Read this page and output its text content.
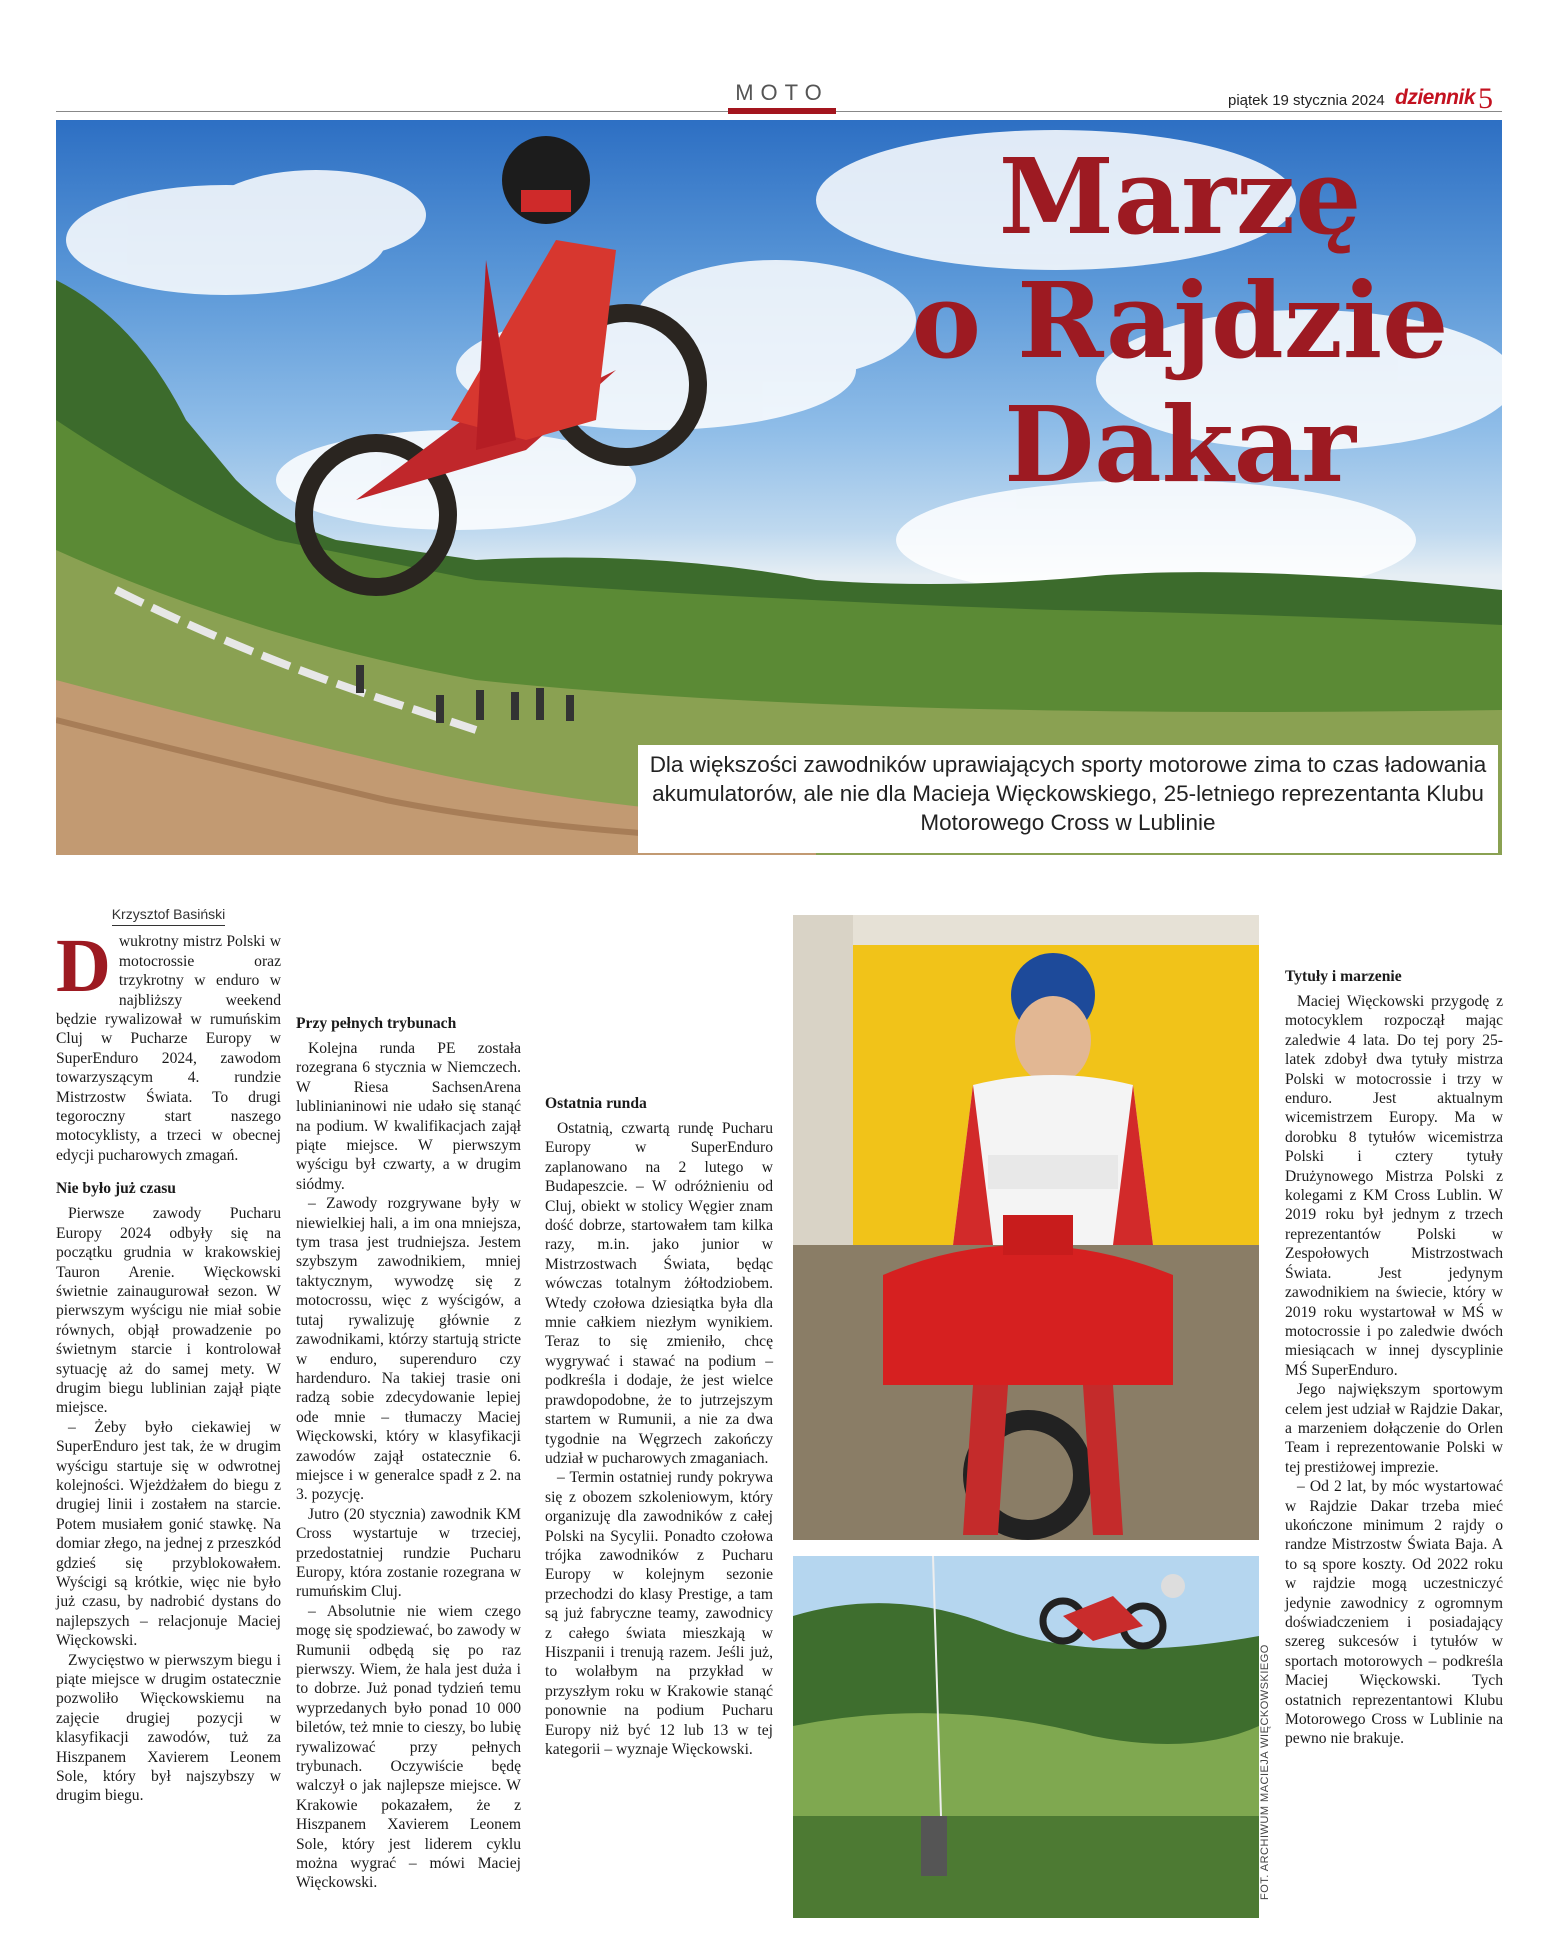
MOTO	piątek 19 stycznia 2024 dziennik 5
Marzę
o Rajdzie
Dakar
Dla większości zawodników uprawiających sporty motorowe zima to czas ładowania akumulatorów, ale nie dla Macieja Więckowskiego, 25-letniego reprezentanta Klubu Motorowego Cross w Lublinie
Krzysztof Basiński
D wukrotny mistrz Polski w motocrossie oraz trzykrotny w enduro w najbliższy weekend będzie rywalizował w rumuńskim Cluj w Pucharze Europy w SuperEnduro 2024, zawodom towarzyszącym 4. rundzie Mistrzostw Świata. To drugi tegoroczny start naszego motocyklisty, a trzeci w obecnej edycji pucharowych zmagań.

Nie było już czasu

Pierwsze zawody Pucharu Europy 2024 odbyły się na początku grudnia w krakowskiej Tauron Arenie. Więckowski świetnie zainaugurował sezon. W pierwszym wyścigu nie miał sobie równych, objął prowadzenie po świetnym starcie i kontrolował sytuację aż do samej mety. W drugim biegu lublinian zajął piąte miejsce.

– Żeby było ciekawiej w SuperEnduro jest tak, że w drugim wyścigu startuje się w odwrotnej kolejności. Wjeżdżałem do biegu z drugiej linii i zostałem na starcie. Potem musiałem gonić stawkę. Na domiar złego, na jednej z przeszkód gdzieś się przyblokowałem. Wyścigi są krótkie, więc nie było już czasu, by nadrobić dystans do najlepszych – relacjonuje Maciej Więckowski.

Zwycięstwo w pierwszym biegu i piąte miejsce w drugim ostatecznie pozwoliło Więckowskiemu na zajęcie drugiej pozycji w klasyfikacji zawodów, tuż za Hiszpanem Xavierem Leonem Sole, który był najszybszy w drugim biegu.

Przy pełnych trybunach

Kolejna runda PE została rozegrana 6 stycznia w Niemczech. W Riesa SachsenArena lublinianinowi nie udało się stanąć na podium. W kwalifikacjach zajął piąte miejsce. W pierwszym wyścigu był czwarty, a w drugim siódmy.

– Zawody rozgrywane były w niewielkiej hali, a im ona mniejsza, tym trasa jest trudniejsza. Jestem szybszym zawodnikiem, mniej taktycznym, wywodzę się z motocrossu, więc z wyścigów, a tutaj rywalizuję głównie z zawodnikami, którzy startują stricte w enduro, superenduro czy hardenduro. Na takiej trasie oni radzą sobie zdecydowanie lepiej ode mnie – tłumaczy Maciej Więckowski, który w klasyfikacji zawodów zajął ostatecznie 6. miejsce i w generalce spadł z 2. na 3. pozycję.

Jutro (20 stycznia) zawodnik KM Cross wystartuje w trzeciej, przedostatniej rundzie Pucharu Europy, która zostanie rozegrana w rumuńskim Cluj.

– Absolutnie nie wiem czego mogę się spodziewać, bo zawody w Rumunii odbędą się po raz pierwszy. Wiem, że hala jest duża i to dobrze. Już ponad tydzień temu wyprzedanych było ponad 10 000 biletów, też mnie to cieszy, bo lubię rywalizować przy pełnych trybunach. Oczywiście będę walczył o jak najlepsze miejsce. W Krakowie pokazałem, że z Hiszpanem Xavierem Leonem Sole, który jest liderem cyklu można wygrać – mówi Maciej Więckowski.

Ostatnia runda

Ostatnią, czwartą rundę Pucharu Europy w SuperEnduro zaplanowano na 2 lutego w Budapeszcie. – W odróżnieniu od Cluj, obiekt w stolicy Węgier znam dość dobrze, startowałem tam kilka razy, m.in. jako junior w Mistrzostwach Świata, będąc wówczas totalnym żółtodziobem. Wtedy czołowa dziesiątka była dla mnie całkiem niezłym wynikiem. Teraz to się zmieniło, chcę wygrywać i stawać na podium – podkreśla i dodaje, że jest wielce prawdopodobne, że to jutrzejszym startem w Rumunii, a nie za dwa tygodnie na Węgrzech zakończy udział w pucharowych zmaganiach.

– Termin ostatniej rundy pokrywa się z obozem szkoleniowym, który organizuję dla zawodników z całej Polski na Sycylii. Ponadto czołowa trójka zawodników z Pucharu Europy w kolejnym sezonie przechodzi do klasy Prestige, a tam są już fabryczne teamy, zawodnicy z całego świata mieszkają w Hiszpanii i trenują razem. Jeśli już, to wolałbym na przykład w przyszłym roku w Krakowie stanąć ponownie na podium Pucharu Europy niż być 12 lub 13 w tej kategorii – wyznaje Więckowski.	FOT. ARCHIWUM MACIEJA WIĘCKOWSKIEGO
Tytuły i marzenie

Maciej Więckowski przygodę z motocyklem rozpoczął mając zaledwie 4 lata. Do tej pory 25-latek zdobył dwa tytuły mistrza Polski w motocrossie i trzy w enduro. Jest aktualnym wicemistrzem Europy. Ma w dorobku 8 tytułów wicemistrza Polski i cztery tytuły Drużynowego Mistrza Polski z kolegami z KM Cross Lublin. W 2019 roku był jednym z trzech reprezentantów Polski w Zespołowych Mistrzostwach Świata. Jest jedynym zawodnikiem na świecie, który w 2019 roku wystartował w MŚ w motocrossie i po zaledwie dwóch miesiącach w innej dyscyplinie MŚ SuperEnduro.

Jego największym sportowym celem jest udział w Rajdzie Dakar, a marzeniem dołączenie do Orlen Team i reprezentowanie Polski w tej prestiżowej imprezie.

– Od 2 lat, by móc wystartować w Rajdzie Dakar trzeba mieć ukończone minimum 2 rajdy o randze Mistrzostw Świata Baja. A to są spore koszty. Od 2022 roku w rajdzie mogą uczestniczyć jedynie zawodnicy z ogromnym doświadczeniem i posiadający szereg sukcesów i tytułów w sportach motorowych – podkreśla Maciej Więckowski. Tych ostatnich reprezentantowi Klubu Motorowego Cross w Lublinie na pewno nie brakuje.
